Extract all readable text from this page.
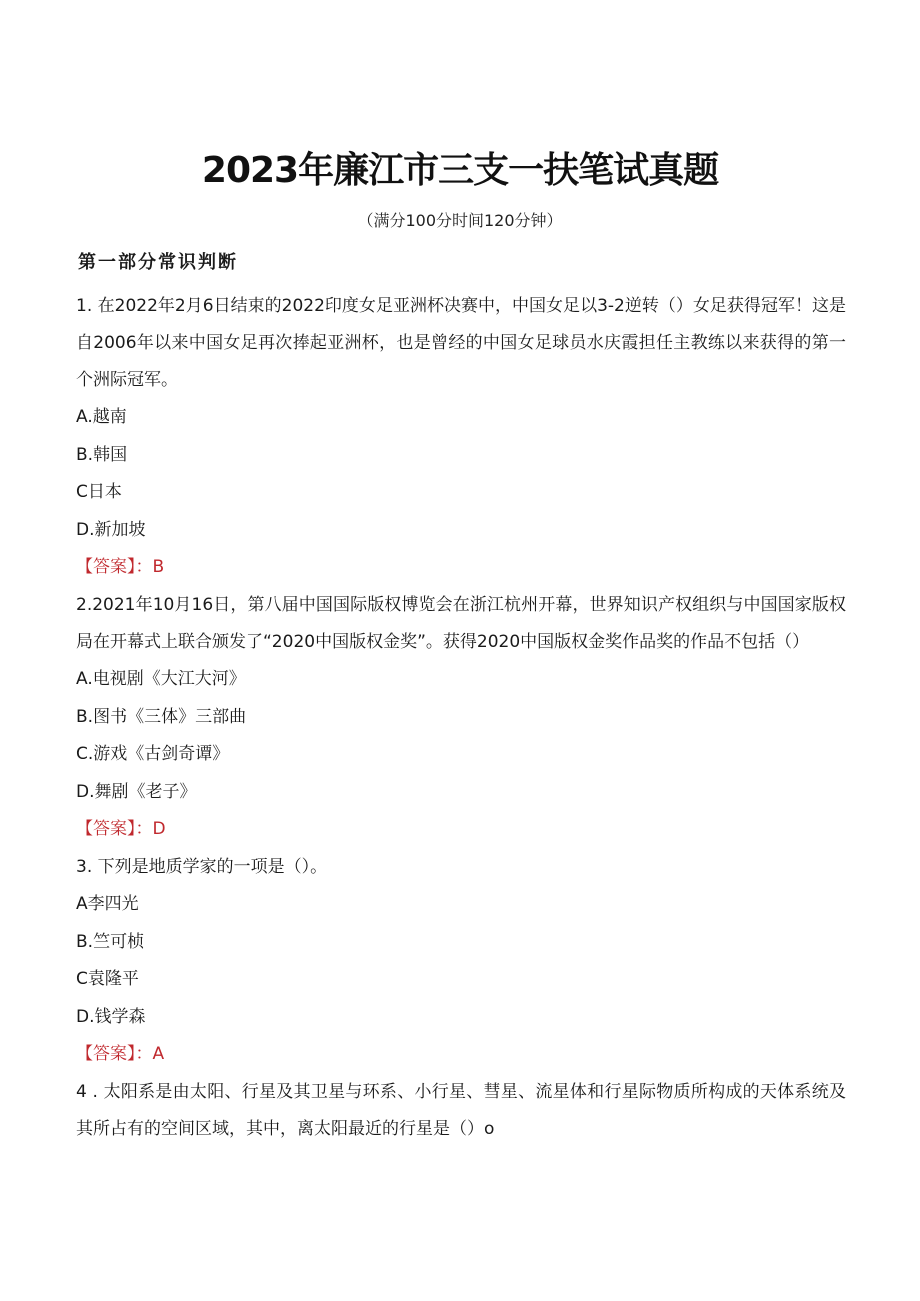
2023年廉江市三支一扶笔试真题
（满分100分时间120分钟）
第一部分常识判断

1. 在2022年2月6日结束的2022印度女足亚洲杯决赛中，中国女足以3-2逆转（）女足获得冠军！这是自2006年以来中国女足再次捧起亚洲杯，也是曾经的中国女足球员水庆霞担任主教练以来获得的第一个洲际冠军。

A.越南

B.韩国

C日本

D.新加坡

【答案】：B

2.2021年10月16日，第八届中国国际版权博览会在浙江杭州开幕，世界知识产权组织与中国国家版权局在开幕式上联合颁发了“2020中国版权金奖”。获得2020中国版权金奖作品奖的作品不包括（）

A.电视剧《大江大河》

B.图书《三体》三部曲

C.游戏《古剑奇谭》

D.舞剧《老子》

【答案】：D

3. 下列是地质学家的一项是（）。

A李四光

B.竺可桢

C袁隆平

D.钱学森

【答案】：A

4 . 太阳系是由太阳、行星及其卫星与环系、小行星、彗星、流星体和行星际物质所构成的天体系统及其所占有的空间区域，其中，离太阳最近的行星是（）o
